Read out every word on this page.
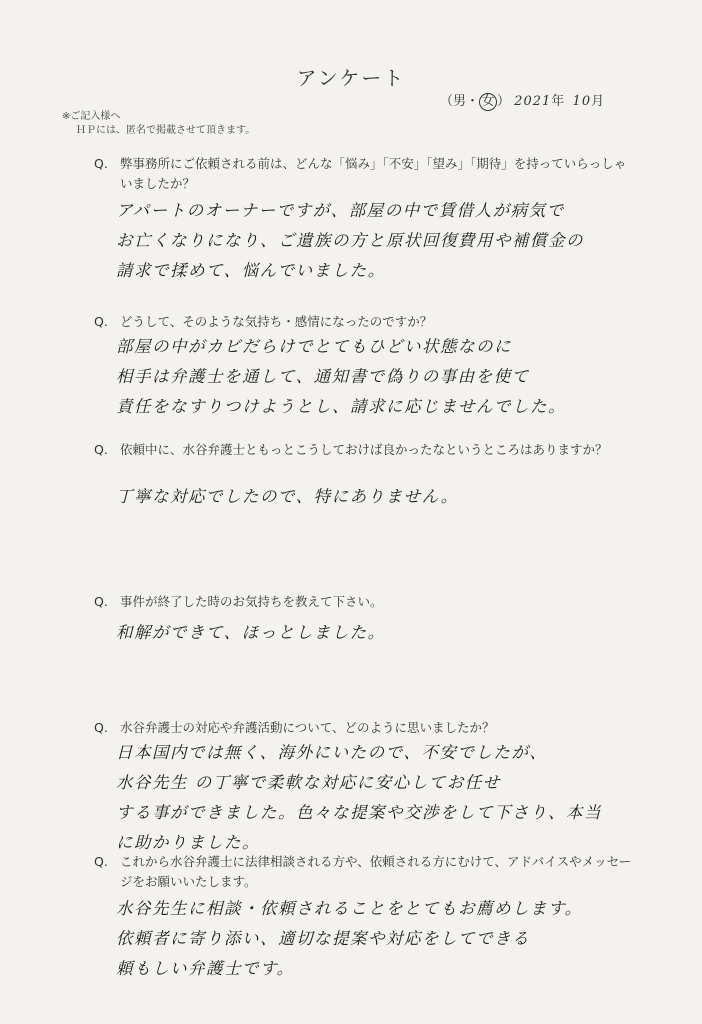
アンケート
（男・ 女 ） 2021年 10月
※ご記入様へ
ＨＰには、匿名で掲載させて頂きます。
Q. 弊事務所にご依頼される前は、どんな「悩み」「不安」「望み」「期待」を持っていらっしゃいましたか？
アパートのオーナーですが、部屋の中で賃借人が病気で
お亡くなりになり、ご遺族の方と原状回復費用や補償金の
請求で揉めて、悩んでいました。
Q. どうして、そのような気持ち・感情になったのですか？
部屋の中がカビだらけでとてもひどい状態なのに
相手は弁護士を通して、通知書で偽りの事由を使て
責任をなすりつけようとし、請求に応じませんでした。
Q. 依頼中に、水谷弁護士ともっとこうしておけば良かったなというところはありますか？
丁寧な対応でしたので、特にありません。
Q. 事件が終了した時のお気持ちを教えて下さい。
和解ができて、ほっとしました。
Q. 水谷弁護士の対応や弁護活動について、どのように思いましたか？
日本国内では無く、海外にいたので、不安でしたが、
水谷先生 の丁寧で柔軟な対応に安心してお任せ
する事ができました。色々な提案や交渉をして下さり、本当
に助かりました。
Q. これから水谷弁護士に法律相談される方や、依頼される方にむけて、アドバイスやメッセージをお願いいたします。
水谷先生に相談・依頼されることをとてもお薦めします。
依頼者に寄り添い、適切な提案や対応をしてできる
頼もしい弁護士です。
